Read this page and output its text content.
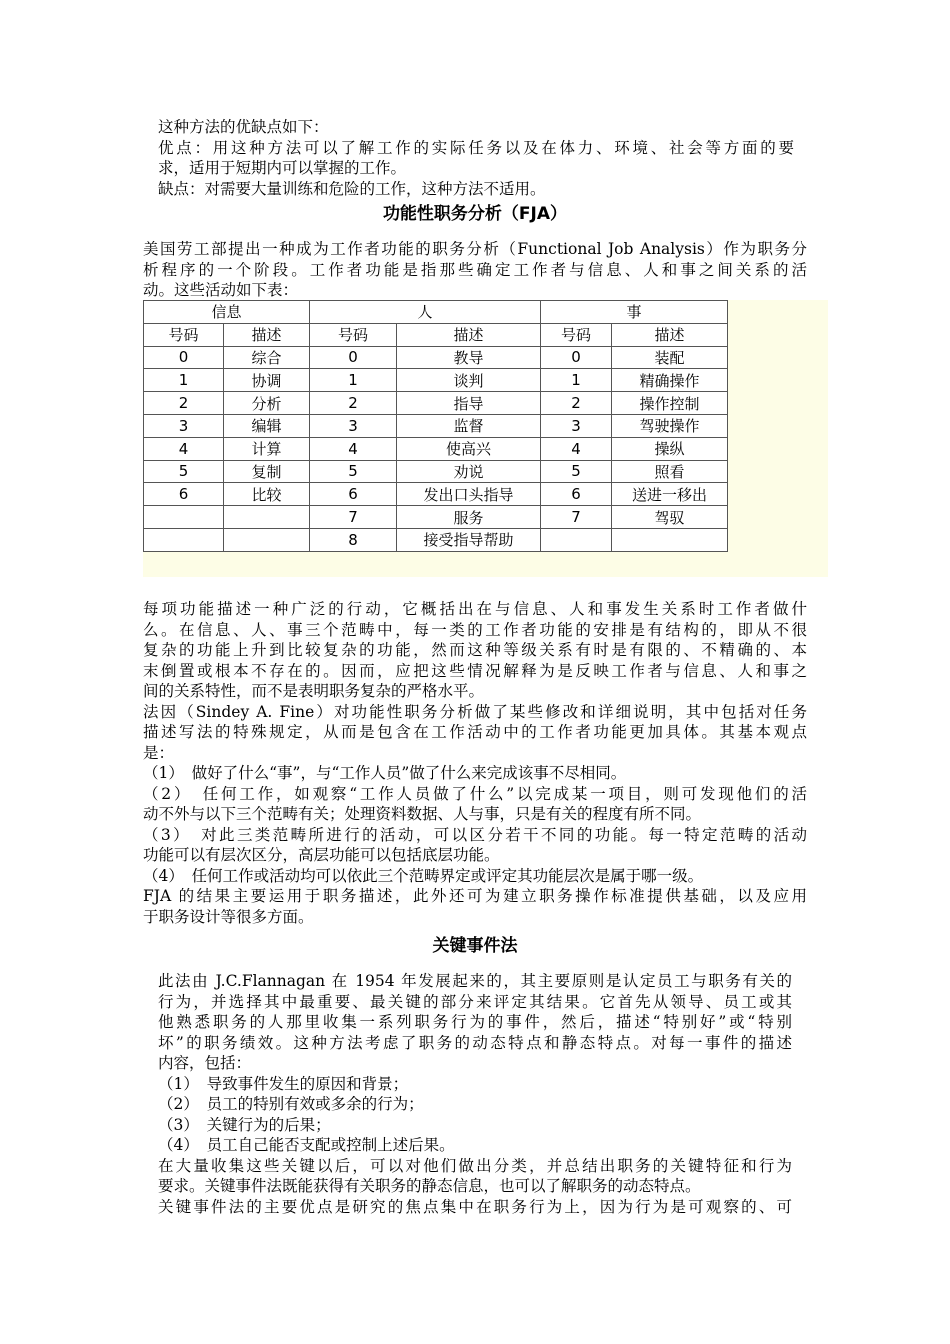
这种方法的优缺点如下：
优点：用这种方法可以了解工作的实际任务以及在体力、环境、社会等方面的要
求，适用于短期内可以掌握的工作。
缺点：对需要大量训练和危险的工作，这种方法不适用。
功能性职务分析（FJA）
美国劳工部提出一种成为工作者功能的职务分析（Functional Job Analysis）作为职务分
析程序的一个阶段。工作者功能是指那些确定工作者与信息、人和事之间关系的活
动。这些活动如下表：
信息		人		事	
号码	描述	号码	描述	号码	描述
0	综合	0	教导	0	装配
1	协调	1	谈判	1	精确操作
2	分析	2	指导	2	操作控制
3	编辑	3	监督	3	驾驶操作
4	计算	4	使高兴	4	操纵
5	复制	5	劝说	5	照看
6	比较	6	发出口头指导	6	送进一移出
		7	服务	7	驾驭
		8	接受指导帮助		
每项功能描述一种广泛的行动，它概括出在与信息、人和事发生关系时工作者做什
么。在信息、人、事三个范畴中，每一类的工作者功能的安排是有结构的，即从不很
复杂的功能上升到比较复杂的功能，然而这种等级关系有时是有限的、不精确的、本
末倒置或根本不存在的。因而，应把这些情况解释为是反映工作者与信息、人和事之
间的关系特性，而不是表明职务复杂的严格水平。
法因（Sindey A. Fine）对功能性职务分析做了某些修改和详细说明，其中包括对任务
描述写法的特殊规定，从而是包含在工作活动中的工作者功能更加具体。其基本观点
是：
（1）　做好了什么“事”，与“工作人员”做了什么来完成该事不尽相同。
（2）　任何工作，如观察“工作人员做了什么”以完成某一项目，则可发现他们的活
动不外与以下三个范畴有关；处理资料数据、人与事，只是有关的程度有所不同。
（3）　对此三类范畴所进行的活动，可以区分若干不同的功能。每一特定范畴的活动
功能可以有层次区分，高层功能可以包括底层功能。
（4）　任何工作或活动均可以依此三个范畴界定或评定其功能层次是属于哪一级。
FJA 的结果主要运用于职务描述，此外还可为建立职务操作标准提供基础，以及应用
于职务设计等很多方面。
关键事件法
此法由 J.C.Flannagan 在 1954 年发展起来的，其主要原则是认定员工与职务有关的
行为，并选择其中最重要、最关键的部分来评定其结果。它首先从领导、员工或其
他熟悉职务的人那里收集一系列职务行为的事件，然后，描述“特别好”或“特别
坏”的职务绩效。这种方法考虑了职务的动态特点和静态特点。对每一事件的描述
内容，包括：
（1）　导致事件发生的原因和背景；
（2）　员工的特别有效或多余的行为；
（3）　关键行为的后果；
（4）　员工自己能否支配或控制上述后果。
在大量收集这些关键以后，可以对他们做出分类，并总结出职务的关键特征和行为
要求。关键事件法既能获得有关职务的静态信息，也可以了解职务的动态特点。
关键事件法的主要优点是研究的焦点集中在职务行为上，因为行为是可观察的、可
